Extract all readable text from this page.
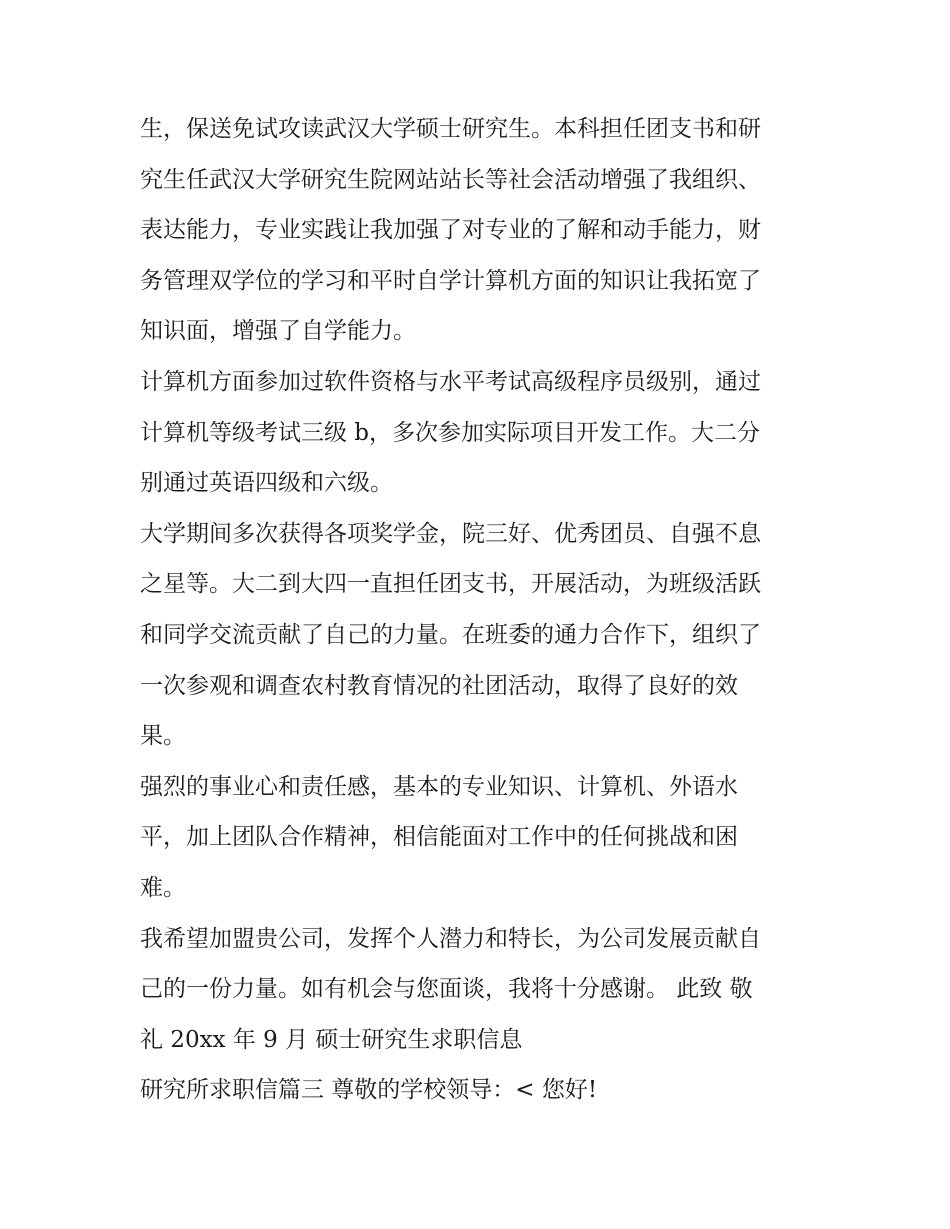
生，保送免试攻读武汉大学硕士研究生。本科担任团支书和研
究生任武汉大学研究生院网站站长等社会活动增强了我组织、
表达能力，专业实践让我加强了对专业的了解和动手能力，财
务管理双学位的学习和平时自学计算机方面的知识让我拓宽了
知识面，增强了自学能力。
计算机方面参加过软件资格与水平考试高级程序员级别，通过
计算机等级考试三级 b，多次参加实际项目开发工作。大二分
别通过英语四级和六级。
大学期间多次获得各项奖学金，院三好、优秀团员、自强不息
之星等。大二到大四一直担任团支书，开展活动，为班级活跃
和同学交流贡献了自己的力量。在班委的通力合作下，组织了
一次参观和调查农村教育情况的社团活动，取得了良好的效
果。
强烈的事业心和责任感，基本的专业知识、计算机、外语水
平，加上团队合作精神，相信能面对工作中的任何挑战和困
难。
我希望加盟贵公司，发挥个人潜力和特长，为公司发展贡献自
己的一份力量。如有机会与您面谈，我将十分感谢。 此致 敬
礼 20xx 年 9 月 硕士研究生求职信息
研究所求职信篇三 尊敬的学校领导：< 您好!
